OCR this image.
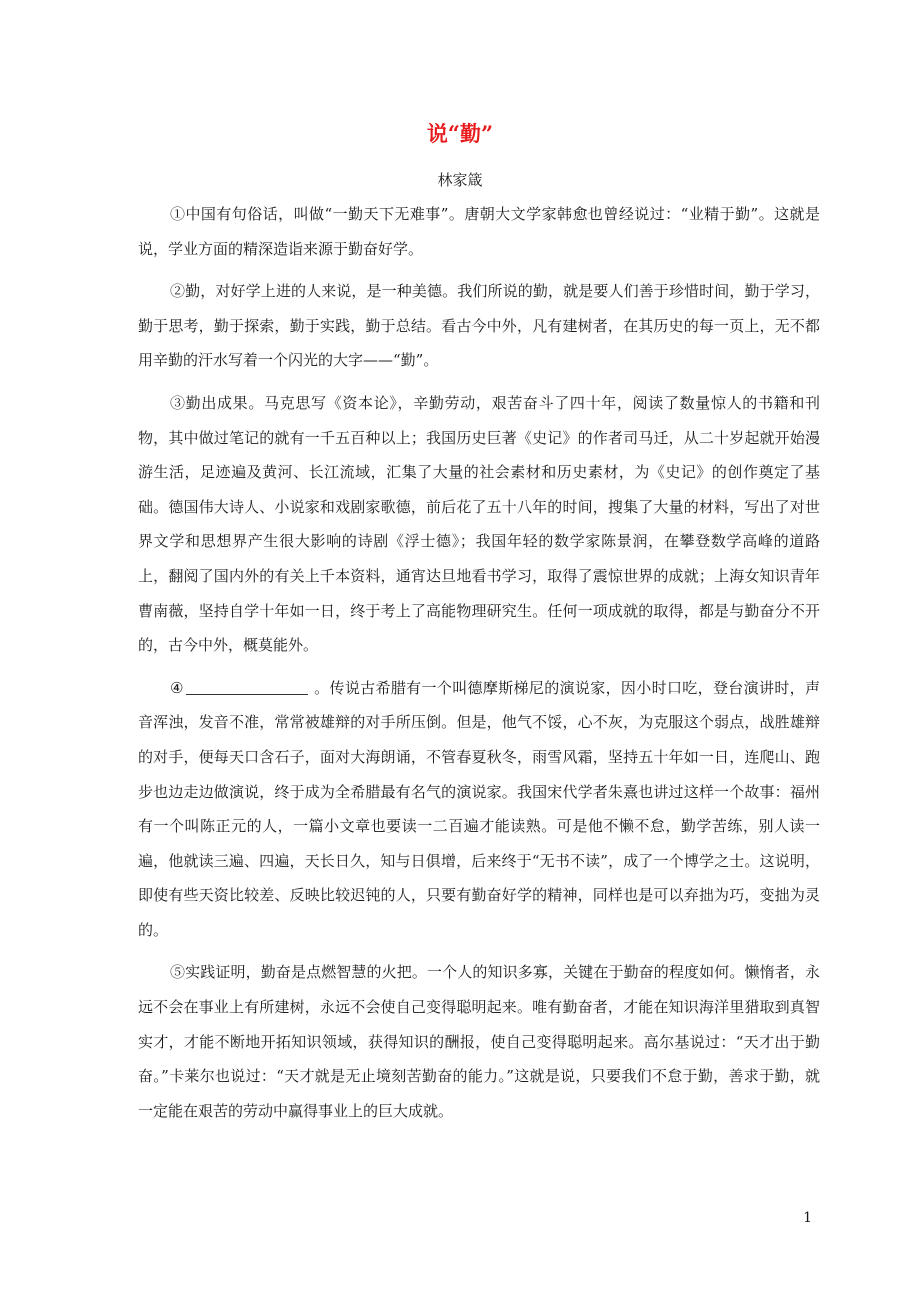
说“勤”
林家箴

①中国有句俗话，叫做“一勤天下无难事”。唐朝大文学家韩愈也曾经说过：“业精于勤”。这就是说，学业方面的精深造诣来源于勤奋好学。

②勤，对好学上进的人来说，是一种美德。我们所说的勤，就是要人们善于珍惜时间，勤于学习，勤于思考，勤于探索，勤于实践，勤于总结。看古今中外，凡有建树者，在其历史的每一页上，无不都用辛勤的汗水写着一个闪光的大字——“勤”。

③勤出成果。马克思写《资本论》，辛勤劳动，艰苦奋斗了四十年，阅读了数量惊人的书籍和刊物，其中做过笔记的就有一千五百种以上；我国历史巨著《史记》的作者司马迁，从二十岁起就开始漫游生活，足迹遍及黄河、长江流域，汇集了大量的社会素材和历史素材，为《史记》的创作奠定了基础。德国伟大诗人、小说家和戏剧家歌德，前后花了五十八年的时间，搜集了大量的材料，写出了对世界文学和思想界产生很大影响的诗剧《浮士德》；我国年轻的数学家陈景润，在攀登数学高峰的道路上，翻阅了国内外的有关上千本资料，通宵达旦地看书学习，取得了震惊世界的成就；上海女知识青年曹南薇，坚持自学十年如一日，终于考上了高能物理研究生。任何一项成就的取得，都是与勤奋分不开的，古今中外，概莫能外。

④	。传说古希腊有一个叫德摩斯梯尼的演说家，因小时口吃，登台演讲时，声音浑浊，发音不准，常常被雄辩的对手所压倒。但是，他气不馁，心不灰，为克服这个弱点，战胜雄辩的对手，便每天口含石子，面对大海朗诵，不管春夏秋冬，雨雪风霜，坚持五十年如一日，连爬山、跑步也边走边做演说，终于成为全希腊最有名气的演说家。我国宋代学者朱熹也讲过这样一个故事：福州有一个叫陈正元的人，一篇小文章也要读一二百遍才能读熟。可是他不懒不怠，勤学苦练，别人读一遍，他就读三遍、四遍，天长日久，知与日俱增，后来终于“无书不读”，成了一个博学之士。这说明，即使有些天资比较差、反映比较迟钝的人，只要有勤奋好学的精神，同样也是可以弃拙为巧，变拙为灵的。

⑤实践证明，勤奋是点燃智慧的火把。一个人的知识多寡，关键在于勤奋的程度如何。懒惰者，永远不会在事业上有所建树，永远不会使自己变得聪明起来。唯有勤奋者，才能在知识海洋里猎取到真智实才，才能不断地开拓知识领域，获得知识的酬报，使自己变得聪明起来。高尔基说过：“天才出于勤奋。”卡莱尔也说过：“天才就是无止境刻苦勤奋的能力。”这就是说，只要我们不怠于勤，善求于勤，就一定能在艰苦的劳动中赢得事业上的巨大成就。

1
